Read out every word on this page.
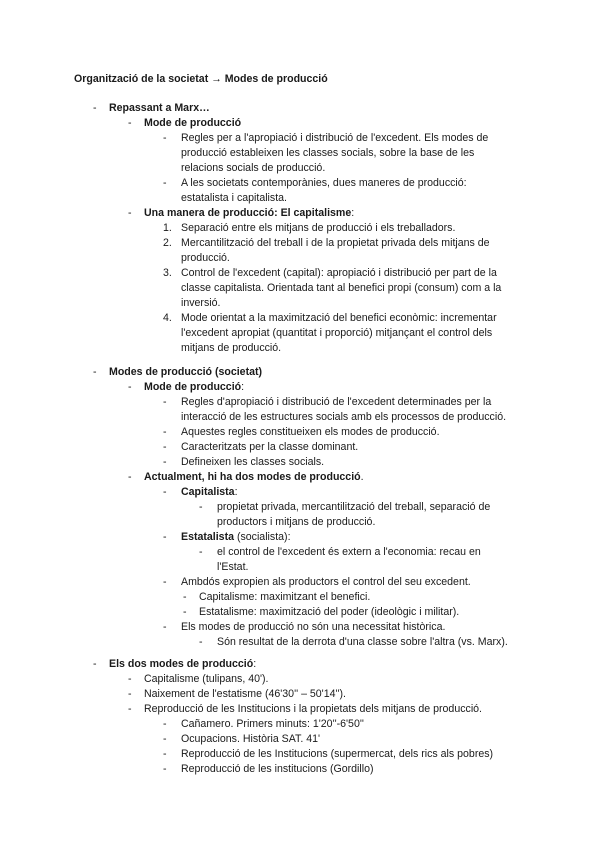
Organització de la societat → Modes de producció
- Repassant a Marx…
- Mode de producció
- Regles per a l'apropiació i distribució de l'excedent. Els modes de
producció estableixen les classes socials, sobre la base de les
relacions socials de producció.
- A les societats contemporànies, dues maneres de producció:
estatalista i capitalista.
- Una manera de producció: El capitalisme:
1. Separació entre els mitjans de producció i els treballadors.
2. Mercantilització del treball i de la propietat privada dels mitjans de
producció.
3. Control de l'excedent (capital): apropiació i distribució per part de la
classe capitalista. Orientada tant al benefici propi (consum) com a la
inversió.
4. Mode orientat a la maximització del benefici econòmic: incrementar
l'excedent apropiat (quantitat i proporció) mitjançant el control dels
mitjans de producció.
- Modes de producció (societat)
- Mode de producció:
- Regles d'apropiació i distribució de l'excedent determinades per la
interacció de les estructures socials amb els processos de producció.
- Aquestes regles constitueixen els modes de producció.
- Caracteritzats per la classe dominant.
- Defineixen les classes socials.
- Actualment, hi ha dos modes de producció.
- Capitalista:
- propietat privada, mercantilització del treball, separació de
productors i mitjans de producció.
- Estatalista (socialista):
- el control de l'excedent és extern a l'economia: recau en
l'Estat.
- Ambdós expropien als productors el control del seu excedent.
- Capitalisme: maximitzant el benefici.
- Estatalisme: maximització del poder (ideològic i militar).
- Els modes de producció no són una necessitat històrica.
- Són resultat de la derrota d'una classe sobre l'altra (vs. Marx).
- Els dos modes de producció:
- Capitalisme (tulipans, 40').
- Naixement de l'estatisme (46'30'' – 50'14'').
- Reproducció de les Institucions i la propietats dels mitjans de producció.
- Cañamero. Primers minuts: 1'20''-6'50''
- Ocupacions. Història SAT. 41'
- Reproducció de les Institucions (supermercat, dels rics als pobres)
- Reproducció de les institucions (Gordillo)
